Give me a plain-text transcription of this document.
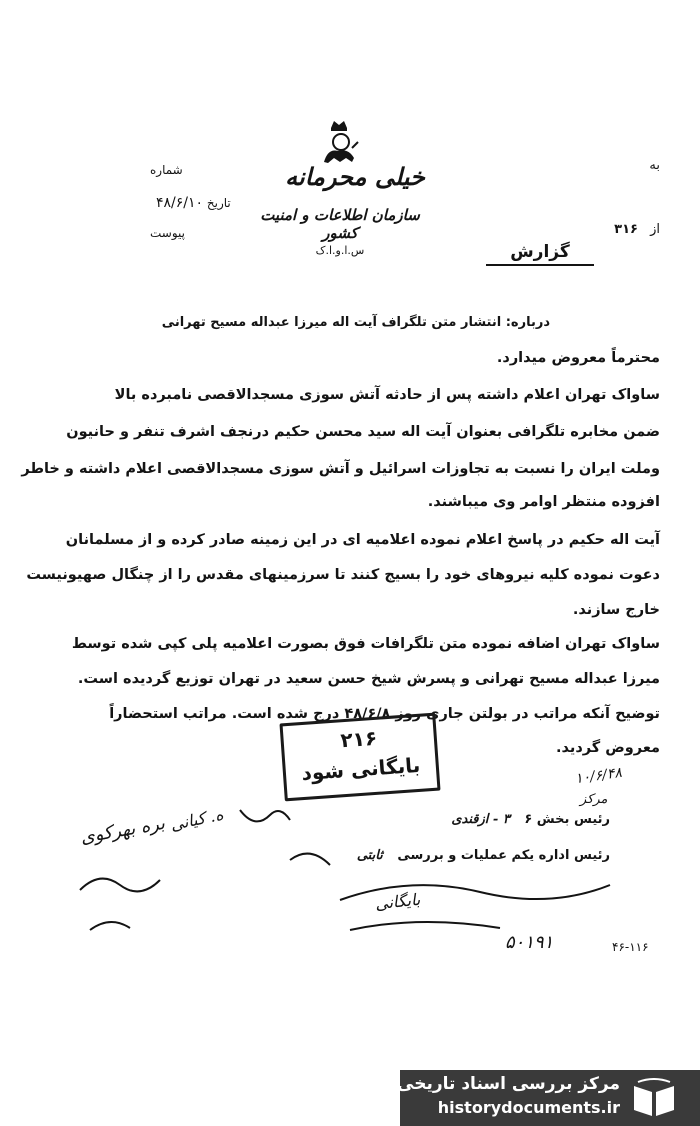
به
از ۳۱۶
شماره
تاریخ ۴۸/۶/۱۰
پیوست
خیلی محرمانه
سازمان اطلاعات و امنیت کشور
س.ا.و.ا.ک	گزارش
درباره: انتشار متن تلگراف آیت اله میرزا عبداله مسیح تهرانی
محترماً معروض میدارد.
ساواک تهران اعلام داشته پس از حادثه آتش سوزی مسجدالاقصی نامبرده بالا
ضمن مخابره تلگرافی بعنوان آیت اله سید محسن حکیم درنجف اشرف تنفر و حانیون
وملت ایران را نسبت به تجاوزات اسرائیل و آتش سوزی مسجدالاقصی اعلام داشته و خاطر
افزوده منتظر اوامر وی میباشند.
آیت اله حکیم در پاسخ اعلام نموده اعلامیه ای در این زمینه صادر کرده و از مسلمانان
دعوت نموده کلیه نیروهای خود را بسیج کنند تا سرزمینهای مقدس را از چنگال صهیونیست
خارج سازند.
ساواک تهران اضافه نموده متن تلگرافات فوق بصورت اعلامیه پلی کپی شده توسط
میرزا عبداله مسیح تهرانی و پسرش شیخ حسن سعید در تهران توزیع گردیده است.
توضیح آنکه مراتب در بولتن جاری روز ۴۸/۶/۸ درج شده است. مراتب استحضاراً
معروض گردید.
۲۱۶
بایگانی شود	۱۰/۶/۴۸
مرکز
رئیس بخش ۶ ۳ - ازقندی
رئیس اداره یکم عملیات و بررسی ثابتی
بره بهرکوی
بایگانی
ه. کیانی
۵۰۱۹۱	۴۶-۱۱۶
مرکز بررسی اسناد تاریخی
historydocuments.ir
